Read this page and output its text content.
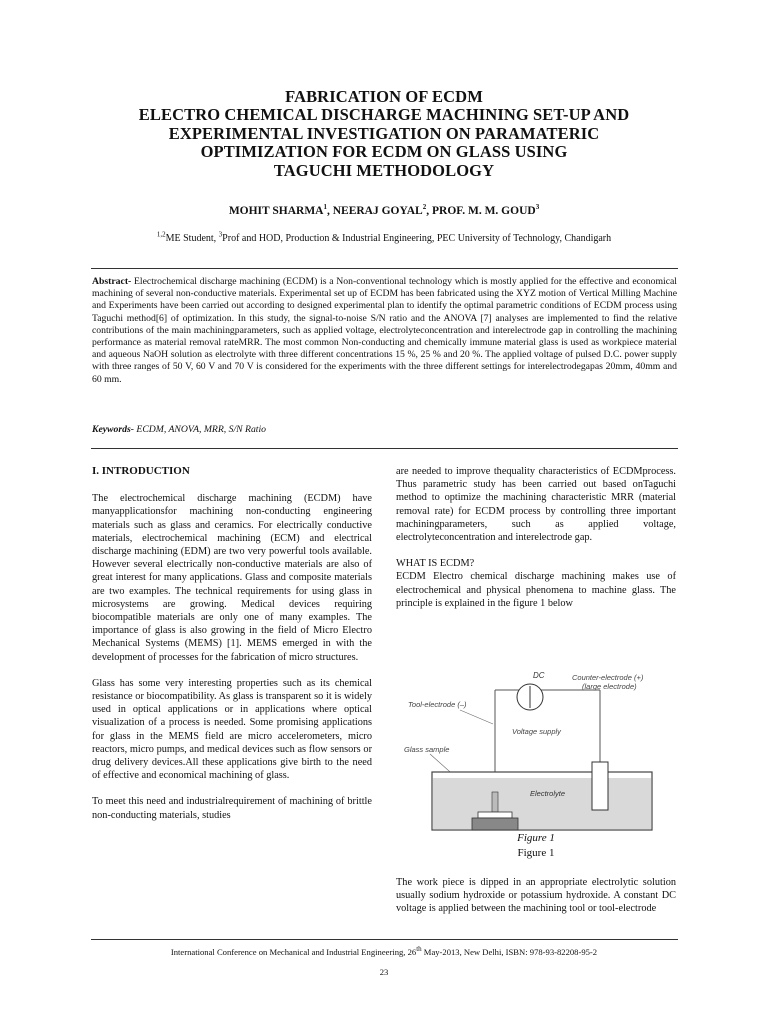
FABRICATION OF ECDM
ELECTRO CHEMICAL DISCHARGE MACHINING SET-UP AND
EXPERIMENTAL INVESTIGATION ON PARAMATERIC
OPTIMIZATION FOR ECDM ON GLASS USING
TAGUCHI METHODOLOGY
MOHIT SHARMA$^1$, NEERAJ GOYAL$^2$, PROF. M. M. GOUD$^3$
$^{1,2}$ME Student, $^3$Prof and HOD, Production & Industrial Engineering, PEC University of Technology, Chandigarh
Abstract- Electrochemical discharge machining (ECDM) is a Non-conventional technology which is mostly applied for the effective and economical machining of several non-conductive materials. Experimental set up of ECDM has been fabricated using the XYZ motion of Vertical Milling Machine and Experiments have been carried out according to designed experimental plan to identify the optimal parametric conditions of ECDM process using Taguchi method[6] of optimization. In this study, the signal-to-noise S/N ratio and the ANOVA [7] analyses are implemented to find the relative contributions of the main machiningparameters, such as applied voltage, electrolyteconcentration and interelectrode gap in controlling the machining performance as material removal rateMRR. The most common Non-conducting and chemically immune material glass is used as workpiece material and aqueous NaOH solution as electrolyte with three different concentrations 15 %, 25 % and 20 %. The applied voltage of pulsed D.C. power supply with three ranges of 50 V, 60 V and 70 V is considered for the experiments with the three different settings for interelectrodegapas 20mm, 40mm and 60 mm.
Keywords- ECDM, ANOVA, MRR, S/N Ratio

I. INTRODUCTION

The electrochemical discharge machining (ECDM) have manyapplicationsfor machining non-conducting engineering materials such as glass and ceramics. For electrically conductive materials, electrochemical machining (ECM) and electrical discharge machining (EDM) are two very powerful tools available. However several electrically non-conductive materials are also of great interest for many applications. Glass and composite materials are two examples. The technical requirements for using glass in microsystems are growing. Medical devices requiring biocompatible materials are only one of many examples. The importance of glass is also growing in the field of Micro Electro Mechanical Systems (MEMS) [1]. MEMS emerged in with the development of processes for the fabrication of micro structures.

Glass has some very interesting properties such as its chemical resistance or biocompatibility. As glass is transparent so it is widely used in optical applications or in applications where optical visualization of a process is needed. Some promising applications for glass in the MEMS field are micro accelerometers, micro reactors, micro pumps, and medical devices such as flow sensors or drug delivery devices.All these applications give birth to the need of effective and economical machining of glass.

To meet this need and industrialrequirement of machining of brittle non-conducting materials, studies

are needed to improve thequality characteristics of ECDMprocess. Thus parametric study has been carried out based onTaguchi method to optimize the machining characteristic MRR (material removal rate) for ECDM process by controlling three important machiningparameters, such as applied voltage, electrolyteconcentration and interelectrode gap.

WHAT IS ECDM?

ECDM Electro chemical discharge machining makes use of electrochemical and physical phenomena to machine glass. The principle is explained in the figure 1 below

DC	Counter-electrode (+)
(large electrode)
Tool-electrode (–)
Voltage supply
Glass sample
Electrolyte
Figure 1
Figure 1

The work piece is dipped in an appropriate electrolytic solution usually sodium hydroxide or potassium hydroxide. A constant DC voltage is applied between the machining tool or tool-electrode

International Conference on Mechanical and Industrial Engineering, 26th May-2013, New Delhi, ISBN: 978-93-82208-95-2
23
